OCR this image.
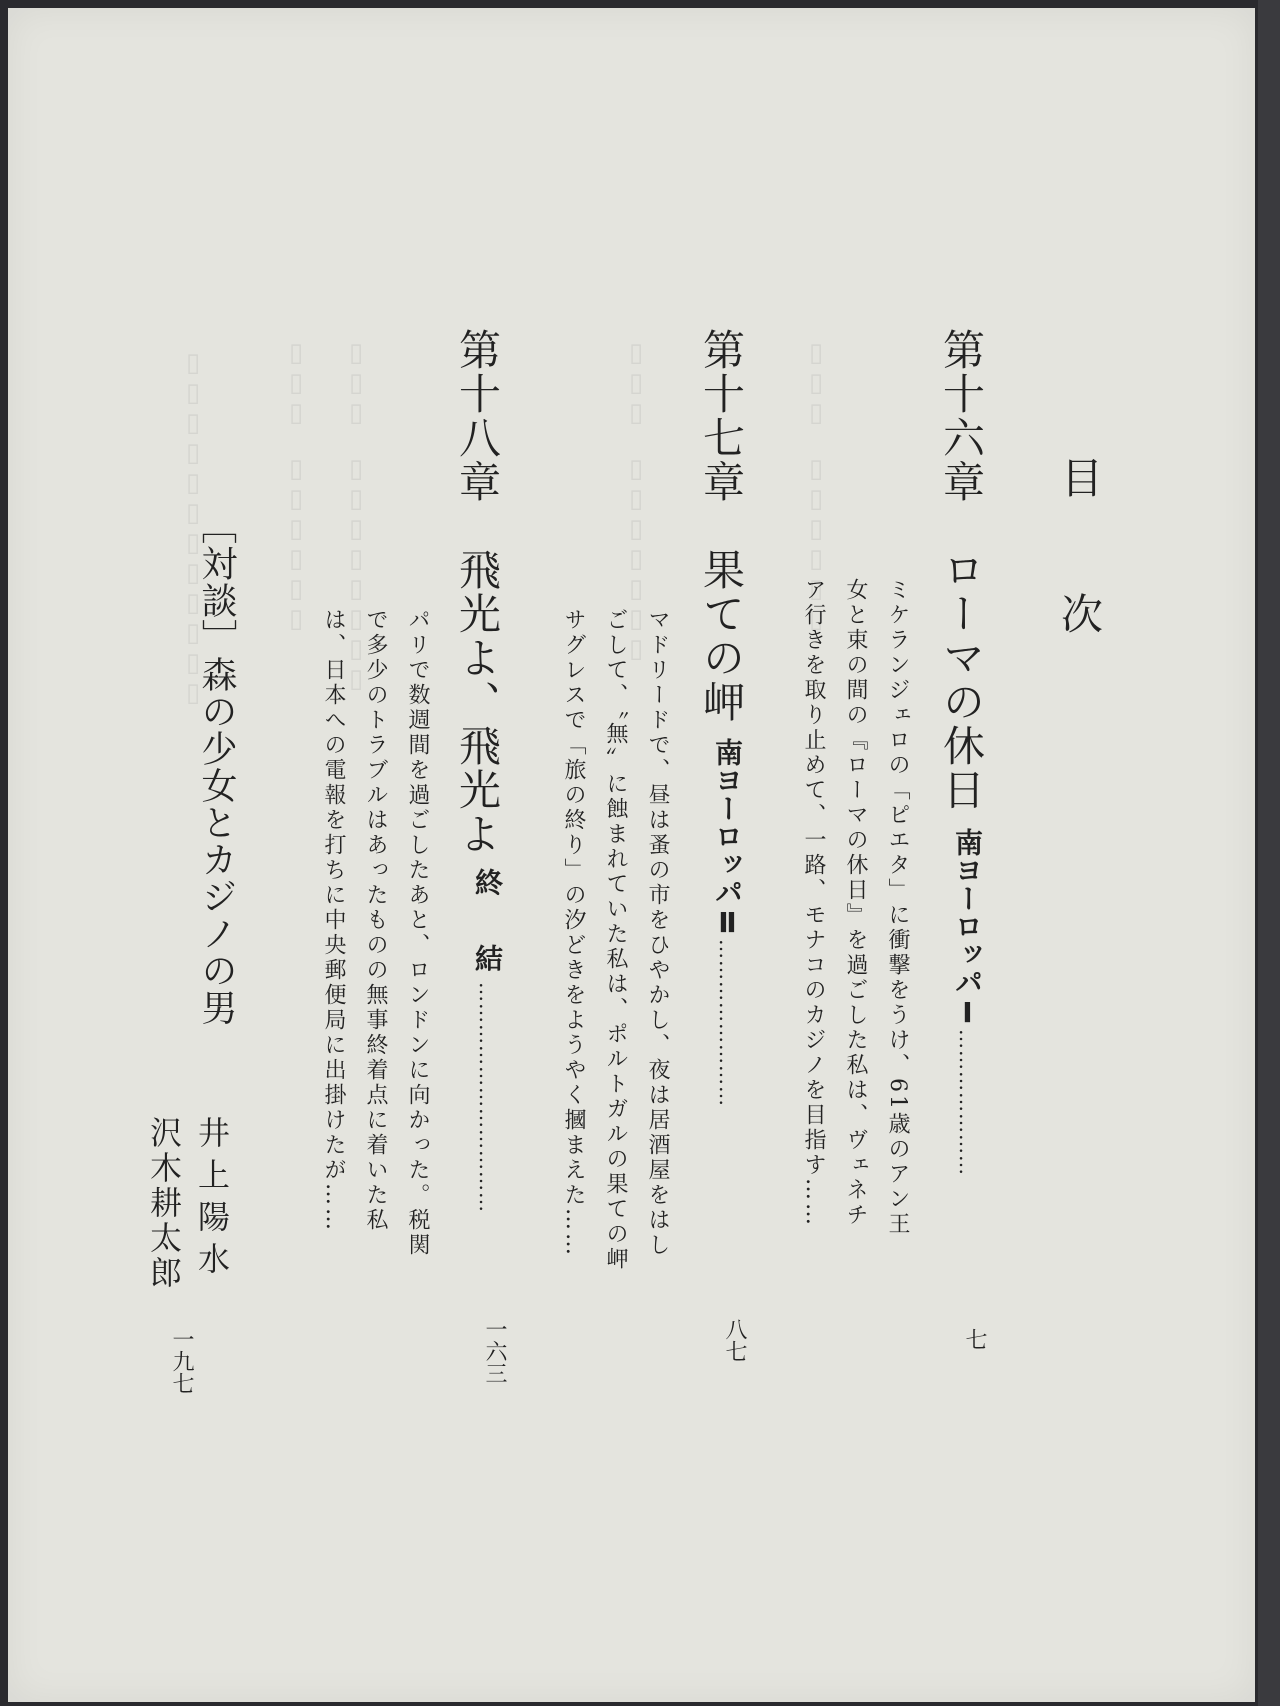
▯▯▯　▯▯▯▯▯▯
▯▯▯▯▯▯▯▯▯▯▯▯	▯▯▯　▯▯▯▯▯▯▯▯	▯▯▯　▯▯▯▯▯▯▯	▯▯▯　▯▯▯▯▯▯	目　次
第十六章　ローマの休日
南ヨーロッパⅠ…………………
七
ミケランジェロの「ピエタ」に衝撃をうけ、61歳のアン王
女と束の間の『ローマの休日』を過ごした私は、ヴェネチ
ア行きを取り止めて、一路、モナコのカジノを目指す……
第十七章　果ての岬
南ヨーロッパⅡ……………………
八七
マドリードで、昼は蚤の市をひやかし、夜は居酒屋をはし
ごして、〝無〟に蝕まれていた私は、ポルトガルの果ての岬
サグレスで「旅の終り」の汐どきをようやく摑まえた……
第十八章　飛光よ、飛光よ
終　結……………………………
一六三
パリで数週間を過ごしたあと、ロンドンに向かった。税関
で多少のトラブルはあったものの無事終着点に着いた私
は、日本への電報を打ちに中央郵便局に出掛けたが……
［対談］森の少女とカジノの男
井上陽水
沢木耕太郎
一九七
